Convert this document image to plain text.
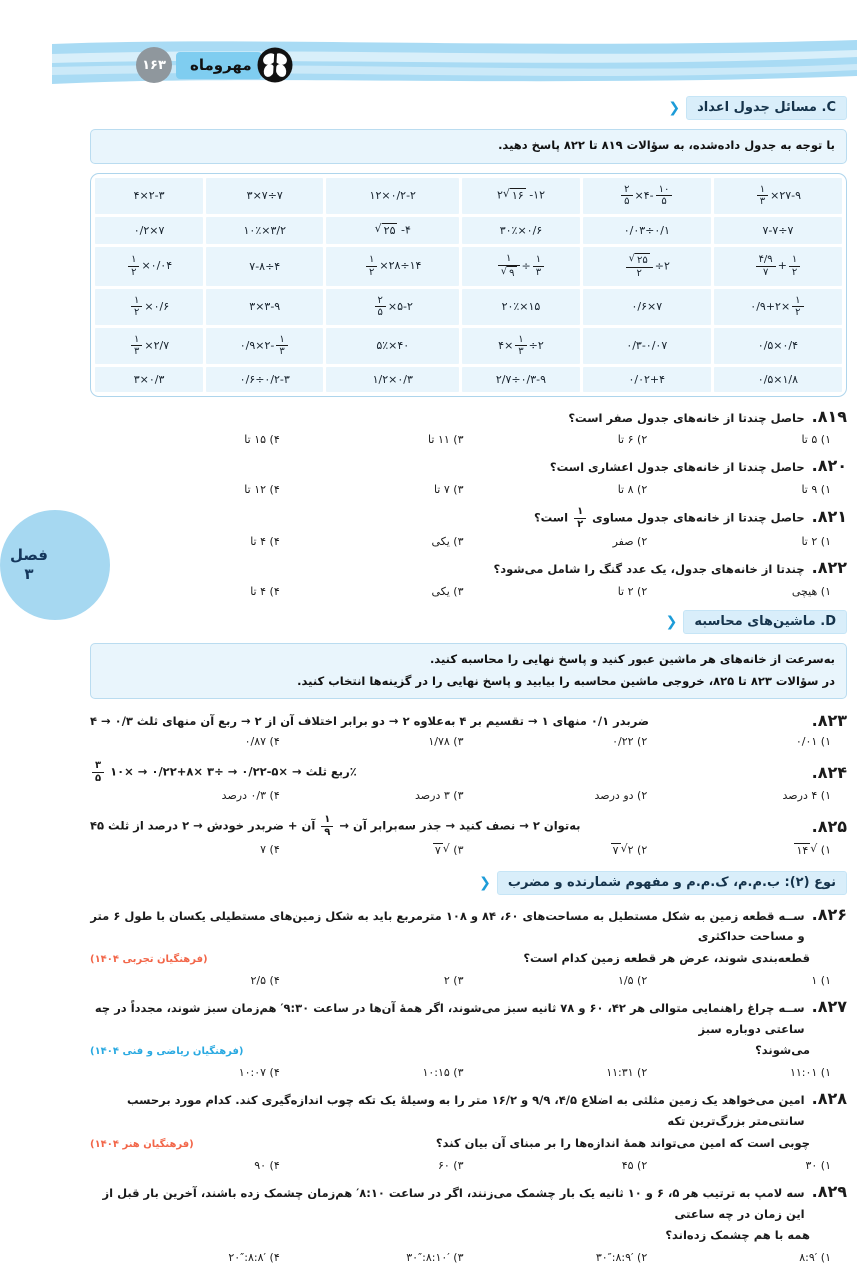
۱۶۳	مهروماه
فصل
۳
C. مسائل جدول اعداد
❮
با توجه به جدول داده‌شده، به سؤالات ۸۱۹ تا ۸۲۲ پاسخ دهید.
۴×۲-۳	۳×۷÷۷	۱۲×۰/۲-۲	۲ √ ۱۶ -۱۲	$\frac{۲}{۵}$ ×۴- $\frac{۱۰}{۵}$	$\frac{۱}{۳}$ ×۲۷-۹
۰/۲×۷	۱۰٪×۳/۲	√ ۲۵ -۴	۳۰٪×۰/۶	۰/۰۳÷۰/۱	۷-۷÷۷

$\frac{۱}{۲}$ ×۰/۰۴	۷-۸÷۴	$\frac{۱}{۲}$ ×۲۸÷۱۴	$\frac{۱}{√ ۹} \div \frac{۱}{۳}$	$\frac{√ ۲۵}{۲}$ ÷۲	$\frac{۴/۹}{۷} + \frac{۱}{۲}$

$\frac{۱}{۲}$ ×۰/۶	۳×۳-۹	$\frac{۲}{۵}$ ×۵-۲	۲۰٪×۱۵	۰/۶×۷	۰/۹+۲× $\frac{۱}{۲}$

$\frac{۱}{۳}$ ×۲/۷	۰/۹×۲- $\frac{۱}{۳}$	۵٪×۴۰	۴× $\frac{۱}{۳}$ ÷۲	۰/۳-۰/۰۷	۰/۵×۰/۴
۳×۰/۳	۰/۶÷۰/۲-۳	۱/۲×۰/۳	۲/۷÷۰/۳-۹	۰/۰۲+۴	۰/۵×۱/۸
۸۱۹.
حاصل چندتا از خانه‌های جدول صفر است؟
۱) ۵ تا
۲) ۶ تا
۳) ۱۱ تا
۴) ۱۵ تا
۸۲۰.
حاصل چندتا از خانه‌های جدول اعشاری است؟
۱) ۹ تا
۲) ۸ تا
۳) ۷ تا
۴) ۱۲ تا
۸۲۱.
حاصل چندتا از خانه‌های جدول مساوی
$\frac{۱}{۲}$
است؟
۱) ۲ تا
۲) صفر
۳) یکی
۴) ۴ تا
۸۲۲.
چندتا از خانه‌های جدول، یک عدد گنگ را شامل می‌شود؟
۱) هیچی
۲) ۲ تا
۳) یکی
۴) ۴ تا
D. ماشین‌های محاسبه
❮
به‌سرعت از خانه‌های هر ماشین عبور کنید و پاسخ نهایی را محاسبه کنید.
در سؤالات ۸۲۳ تا ۸۲۵، خروجی ماشین محاسبه را بیابید و پاسخ نهایی را در گزینه‌ها انتخاب کنید.
۸۲۳.
۴ → ضربدر ۰/۱ منهای ۱ → تقسیم بر ۴ به‌علاوه ۲ → دو برابر اختلاف آن از ۲ → ربع آن منهای ثلث ۰/۳
۱) ۰/۰۱
۲) ۰/۲۲
۳) ۱/۷۸
۴) ۰/۸۷
۸۲۴.
$\frac{۳}{۵}$ ربع ثلث → ×۵-۰/۲۲ → ÷۳ ×۸+۰/۲۲ → ×۱۰٪
۱) ۴ درصد
۲) دو درصد
۳) ۳ درصد
۴) ۰/۳ درصد
۸۲۵.
به‌توان ۲ → نصف کنید → جذر سه‌برابر آن →
$\frac{۱}{۹}$
آن + ضربدر خودش → ۲ درصد از ثلث ۴۵
۱)
√
۱۴
۲) ۲
√
۷
۳)
√
۷
۴) ۷
نوع (۲): ب.م.م، ک.م.م و مفهوم شمارنده و مضرب
❮
۸۲۶.
ســه قطعه زمین به شکل مستطیل به مساحت‌های ۶۰، ۸۴ و ۱۰۸ مترمربع باید به شکل زمین‌های مستطیلی یکسان با طول ۶ متر و مساحت حداکثری
قطعه‌بندی شوند، عرض هر قطعه زمین کدام است؟
(فرهنگیان تجربی ۱۴۰۴)
۱) ۱
۲) ۱/۵
۳) ۲
۴) ۲/۵
۸۲۷.
ســه چراغ راهنمایی متوالی هر ۴۲، ۶۰ و ۷۸ ثانیه سبز می‌شوند، اگر همهٔ آن‌ها در ساعت ۹:۳۰′ هم‌زمان سبز شوند، مجدداً در چه ساعتی دوباره سبز
می‌شوند؟
(فرهنگیان ریاضی و فنی ۱۴۰۴)
۱) ۱۱:۰۱
۲) ۱۱:۳۱
۳) ۱۰:۱۵
۴) ۱۰:۰۷
۸۲۸.
امین می‌خواهد یک زمین مثلثی به اضلاع ۴/۵، ۹/۹ و ۱۶/۲ متر را به وسیلهٔ یک تکه چوب اندازه‌گیری کند. کدام مورد برحسب سانتی‌متر بزرگ‌ترین تکه
چوبی است که امین می‌تواند همهٔ اندازه‌ها را بر مبنای آن بیان کند؟
(فرهنگیان هنر ۱۴۰۴)
۱) ۳۰
۲) ۴۵
۳) ۶۰
۴) ۹۰
۸۲۹.
سه لامپ به ترتیب هر ۵، ۶ و ۱۰ ثانیه یک بار چشمک می‌زنند، اگر در ساعت ۸:۱۰′ هم‌زمان چشمک زده باشند، آخرین بار قبل از این زمان در چه ساعتی
همه با هم چشمک زده‌اند؟
۱) ۸:۹′
۲) ۸:۹′:۳۰″
۳) ۸:۱۰′:۳۰″
۴) ۸:۸′:۲۰″
